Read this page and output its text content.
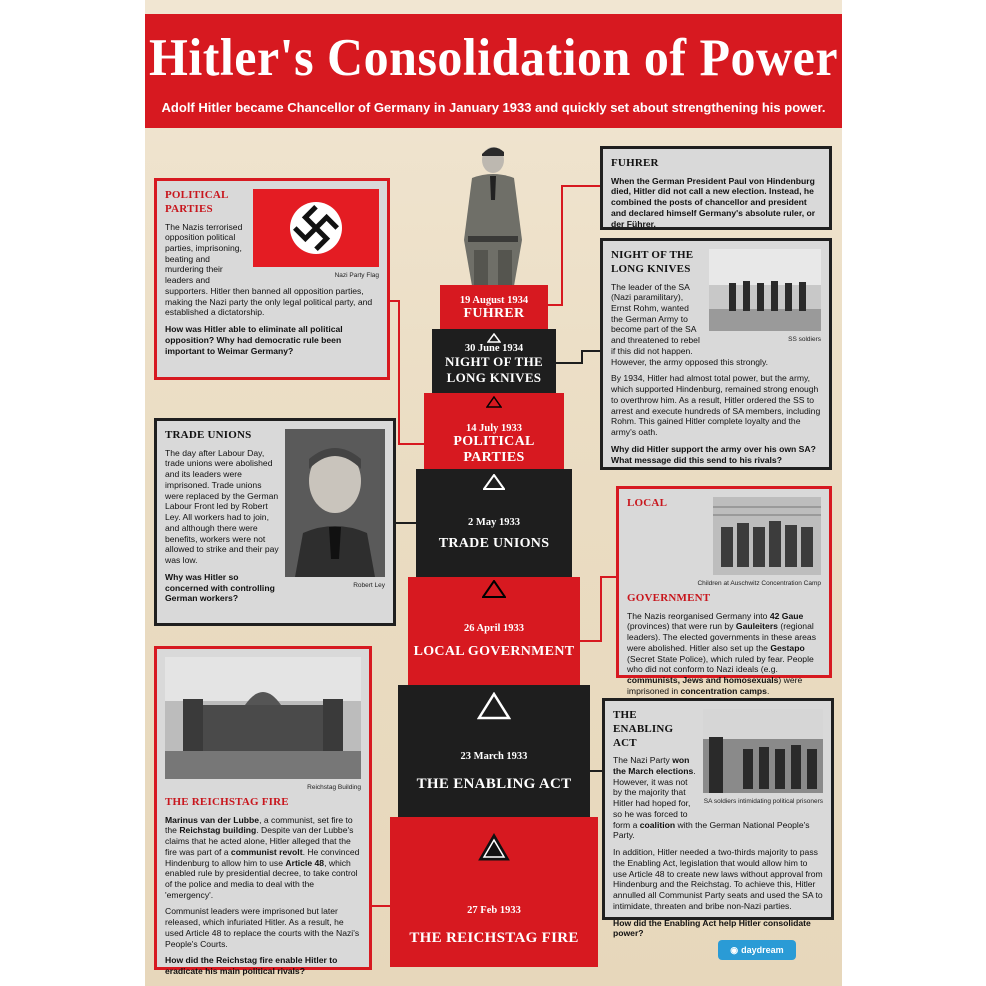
Hitler's Consolidation of Power
Adolf Hitler became Chancellor of Germany in January 1933 and quickly set about strengthening his power.
19 August 1934
FUHRER
30 June 1934
NIGHT OF THE LONG KNIVES
14 July 1933
POLITICAL PARTIES
2 May 1933
TRADE UNIONS
26 April 1933
LOCAL GOVERNMENT
23 March 1933
THE ENABLING ACT
27 Feb 1933
THE REICHSTAG FIRE
FUHRER

When the German President Paul von Hindenburg died, Hitler did not call a new election. Instead, he combined the posts of chancellor and president and declared himself Germany's absolute ruler, or der Führer.

Nazi Party Flag
POLITICAL PARTIES

The Nazis terrorised opposition political parties, imprisoning, beating and murdering their leaders and supporters. Hitler then banned all opposition parties, making the Nazi party the only legal political party, and established a dictatorship.

How was Hitler able to eliminate all political opposition? Why had democratic rule been important to Weimar Germany?

SS soldiers
NIGHT OF THE LONG KNIVES

The leader of the SA (Nazi paramilitary), Ernst Rohm, wanted the German Army to become part of the SA and threatened to rebel if this did not happen. However, the army opposed this strongly.

By 1934, Hitler had almost total power, but the army, which supported Hindenburg, remained strong enough to overthrow him. As a result, Hitler ordered the SS to arrest and execute hundreds of SA members, including Rohm. This gained Hitler complete loyalty and the army's oath.

Why did Hitler support the army over his own SA? What message did this send to his rivals?

Robert Ley
TRADE UNIONS

The day after Labour Day, trade unions were abolished and its leaders were imprisoned. Trade unions were replaced by the German Labour Front led by Robert Ley. All workers had to join, and although there were benefits, workers were not allowed to strike and their pay was low.

Why was Hitler so concerned with controlling German workers?

Children at Auschwitz Concentration Camp
LOCAL GOVERNMENT

The Nazis reorganised Germany into 42 Gaue (provinces) that were run by Gauleiters (regional leaders). The elected governments in these areas were abolished. Hitler also set up the Gestapo (Secret State Police), which ruled by fear. People who did not conform to Nazi ideals (e.g. communists, Jews and homosexuals) were imprisoned in concentration camps.

SA soldiers intimidating political prisoners
THE ENABLING ACT

The Nazi Party won the March elections. However, it was not by the majority that Hitler had hoped for, so he was forced to form a coalition with the German National People's Party.

In addition, Hitler needed a two-thirds majority to pass the Enabling Act, legislation that would allow him to use Article 48 to create new laws without approval from Hindenburg and the Reichstag. To achieve this, Hitler annulled all Communist Party seats and used the SA to intimidate, threaten and bribe non-Nazi parties.

How did the Enabling Act help Hitler consolidate power?

Reichstag Building
THE REICHSTAG FIRE

Marinus van der Lubbe, a communist, set fire to the Reichstag building. Despite van der Lubbe's claims that he acted alone, Hitler alleged that the fire was part of a communist revolt. He convinced Hindenburg to allow him to use Article 48, which enabled rule by presidential decree, to take control of the police and media to deal with the 'emergency'.

Communist leaders were imprisoned but later released, which infuriated Hitler. As a result, he used Article 48 to replace the courts with the Nazi's People's Courts.

How did the Reichstag fire enable Hitler to eradicate his main political rivals?

◉ daydream
